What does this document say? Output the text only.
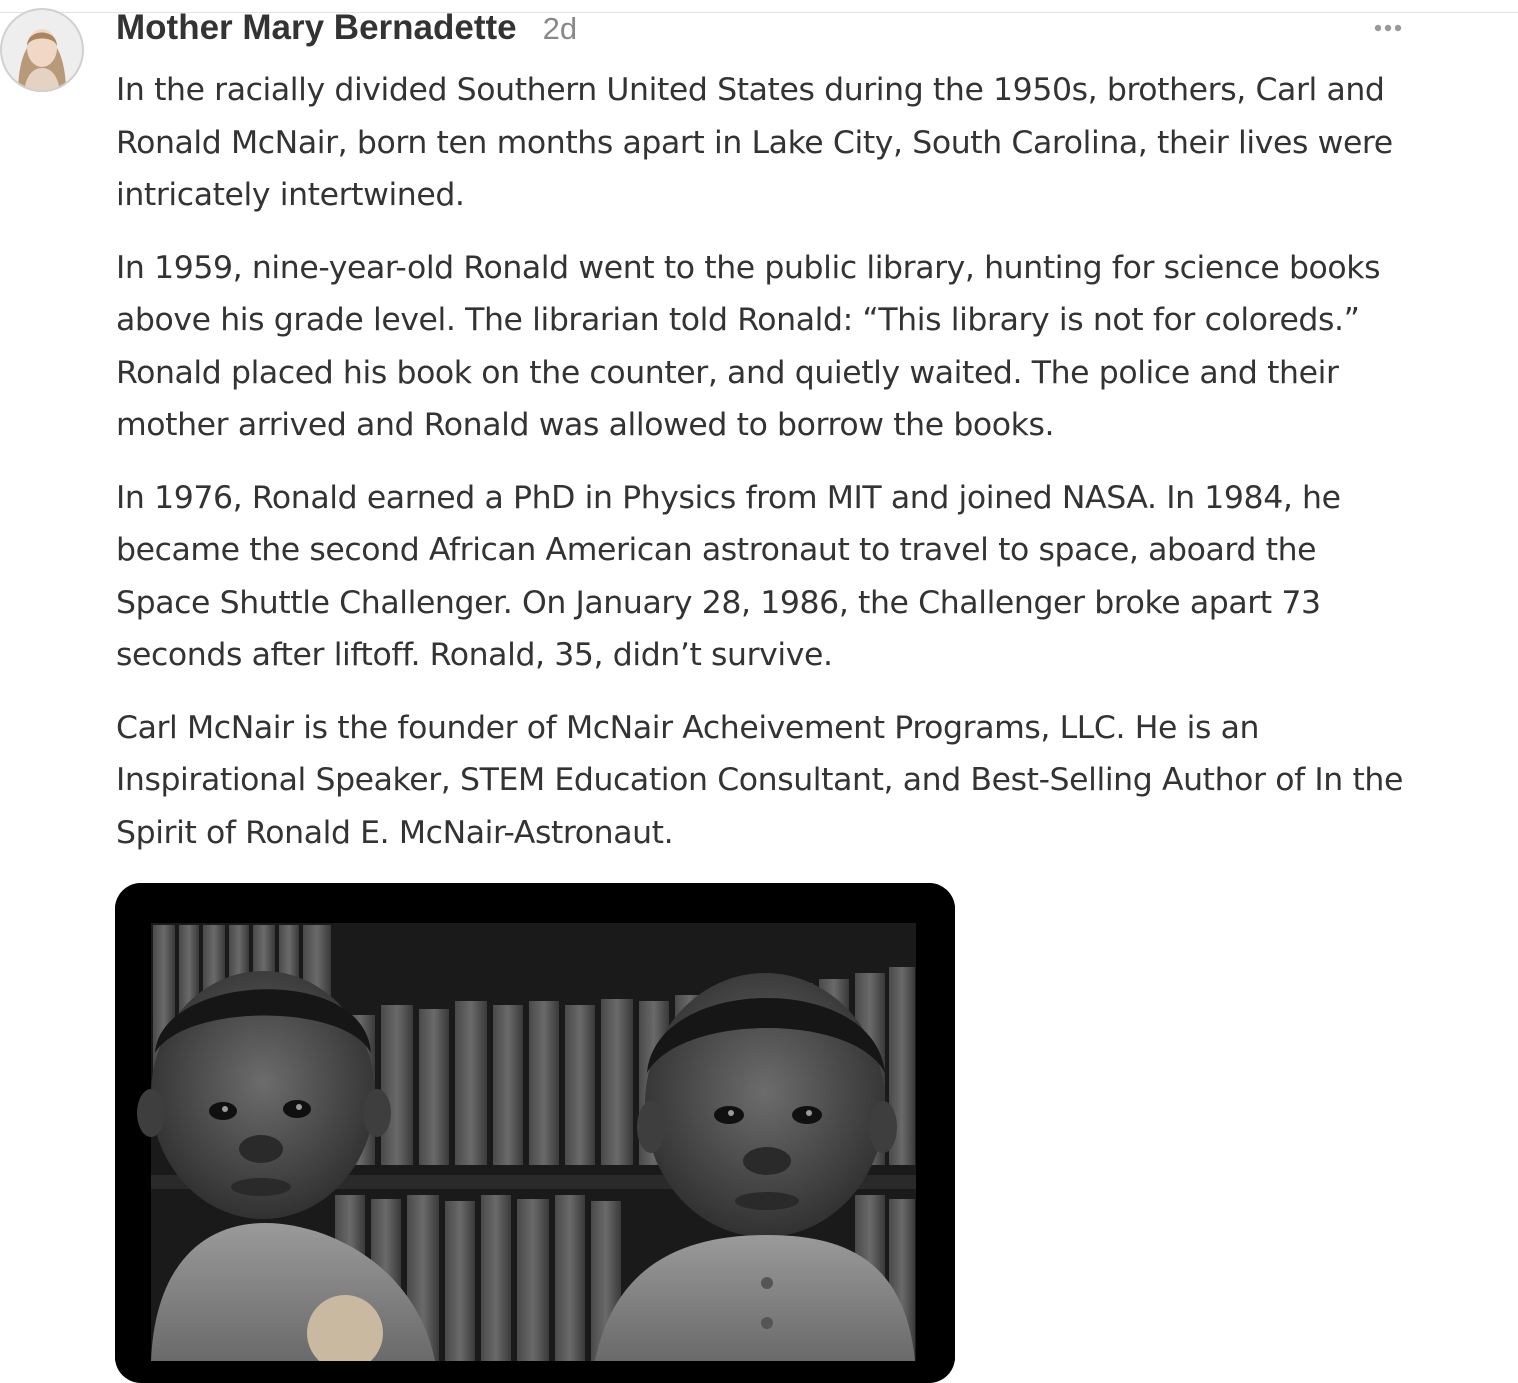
Mother Mary Bernadette 2d

In the racially divided Southern United States during the 1950s, brothers, Carl and Ronald McNair, born ten months apart in Lake City, South Carolina, their lives were intricately intertwined.

In 1959, nine-year-old Ronald went to the public library, hunting for science books above his grade level. The librarian told Ronald: “This library is not for coloreds.” Ronald placed his book on the counter, and quietly waited. The police and their mother arrived and Ronald was allowed to borrow the books.

In 1976, Ronald earned a PhD in Physics from MIT and joined NASA. In 1984, he became the second African American astronaut to travel to space, aboard the Space Shuttle Challenger. On January 28, 1986, the Challenger broke apart 73 seconds after liftoff. Ronald, 35, didn’t survive.

Carl McNair is the founder of McNair Acheivement Programs, LLC. He is an Inspirational Speaker, STEM Education Consultant, and Best-Selling Author of In the Spirit of Ronald E. McNair-Astronaut.
